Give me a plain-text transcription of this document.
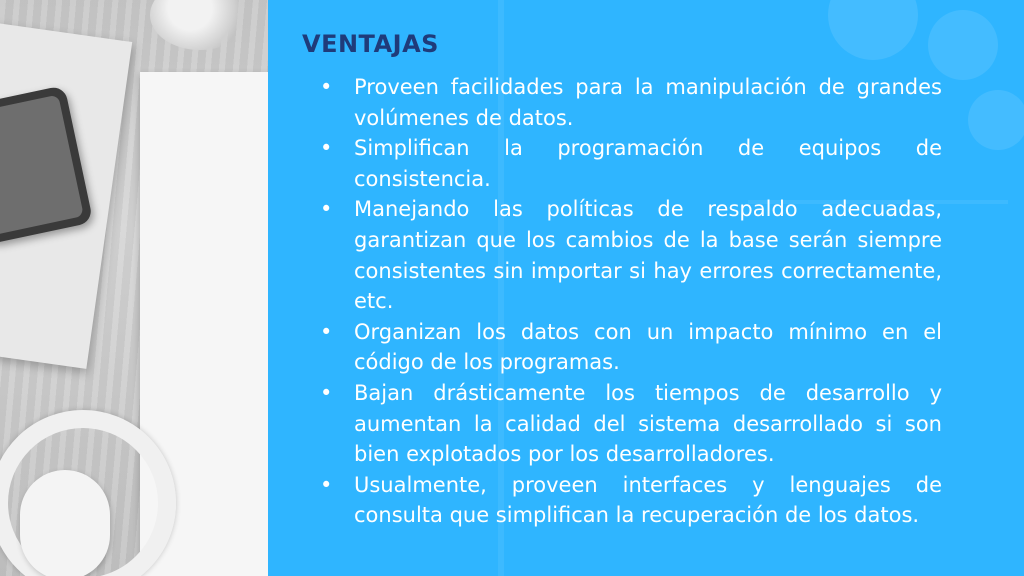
VENTAJAS
•	Proveen facilidades para la manipulación de grandes volúmenes de datos.
•	Simplifican la programación de equipos de consistencia.
•	Manejando las políticas de respaldo adecuadas, garantizan que los cambios de la base serán siempre consistentes sin importar si hay errores correctamente, etc.
•	Organizan los datos con un impacto mínimo en el código de los programas.
•	Bajan drásticamente los tiempos de desarrollo y aumentan la calidad del sistema desarrollado si son bien explotados por los desarrolladores.
•	Usualmente, proveen interfaces y lenguajes de consulta que simplifican la recuperación de los datos.
